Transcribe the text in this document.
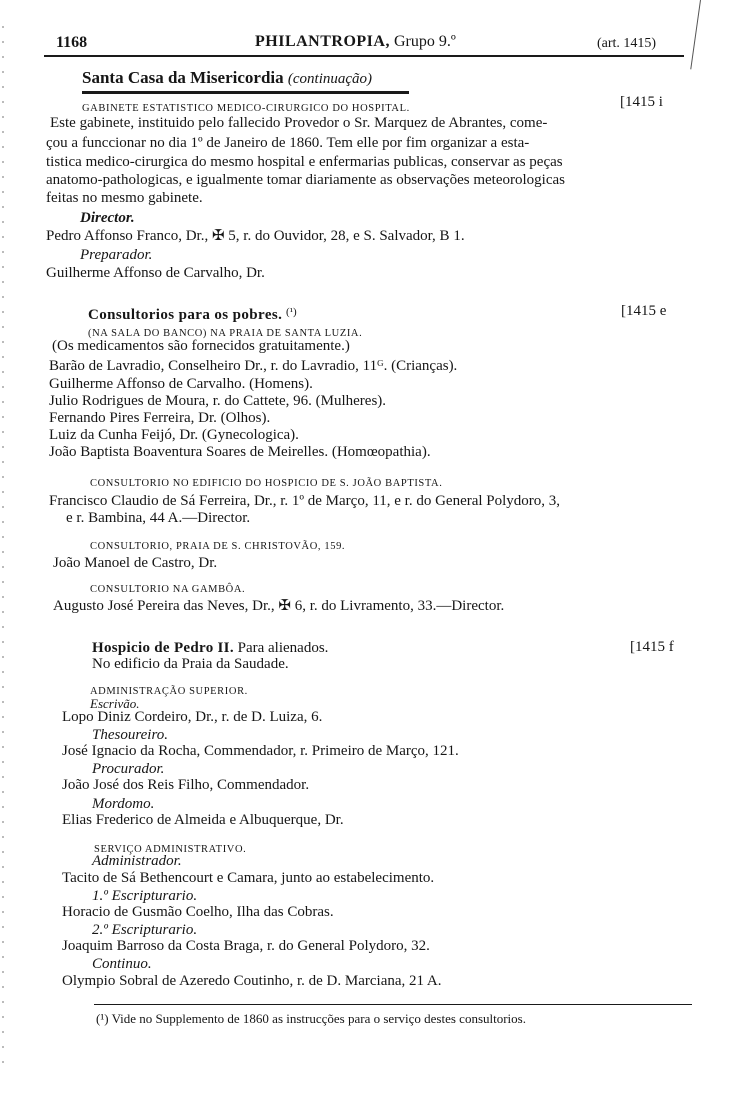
1168	PHILANTROPIA, Grupo 9.º	(art. 1415)
Santa Casa da Misericordia (continuação)
GABINETE ESTATISTICO MEDICO-CIRURGICO DO HOSPITAL.	[1415 i
Este gabinete, instituido pelo fallecido Provedor o Sr. Marquez de Abrantes, come-
çou a funccionar no dia 1º de Janeiro de 1860. Tem elle por fim organizar a esta-
tistica medico-cirurgica do mesmo hospital e enfermarias publicas, conservar as peças
anatomo-pathologicas, e igualmente tomar diariamente as observações meteorologicas
feitas no mesmo gabinete.
Director.
Pedro Affonso Franco, Dr., ✠ 5, r. do Ouvidor, 28, e S. Salvador, B 1.
Preparador.
Guilherme Affonso de Carvalho, Dr.
Consultorios para os pobres. $^{(^1)}$	[1415 e
(NA SALA DO BANCO) NA PRAIA DE SANTA LUZIA.
(Os medicamentos são fornecidos gratuitamente.)
Barão de Lavradio, Conselheiro Dr., r. do Lavradio, 11ᴳ. (Crianças).
Guilherme Affonso de Carvalho. (Homens).
Julio Rodrigues de Moura, r. do Cattete, 96. (Mulheres).
Fernando Pires Ferreira, Dr. (Olhos).
Luiz da Cunha Feijó, Dr. (Gynecologica).
João Baptista Boaventura Soares de Meirelles. (Homœopathia).
CONSULTORIO NO EDIFICIO DO HOSPICIO DE S. JOÃO BAPTISTA.
Francisco Claudio de Sá Ferreira, Dr., r. 1º de Março, 11, e r. do General Polydoro, 3,
e r. Bambina, 44 A.—Director.
CONSULTORIO, PRAIA DE S. CHRISTOVÃO, 159.
João Manoel de Castro, Dr.
CONSULTORIO NA GAMBÔA.
Augusto José Pereira das Neves, Dr., ✠ 6, r. do Livramento, 33.—Director.
Hospicio de Pedro II. Para alienados.	[1415 f
No edificio da Praia da Saudade.
ADMINISTRAÇÃO SUPERIOR.
Escrivão.
Lopo Diniz Cordeiro, Dr., r. de D. Luiza, 6.
Thesoureiro.
José Ignacio da Rocha, Commendador, r. Primeiro de Março, 121.
Procurador.
João José dos Reis Filho, Commendador.
Mordomo.
Elias Frederico de Almeida e Albuquerque, Dr.
SERVIÇO ADMINISTRATIVO.
Administrador.
Tacito de Sá Bethencourt e Camara, junto ao estabelecimento.
1.º Escripturario.
Horacio de Gusmão Coelho, Ilha das Cobras.
2.º Escripturario.
Joaquim Barroso da Costa Braga, r. do General Polydoro, 32.
Continuo.
Olympio Sobral de Azeredo Coutinho, r. de D. Marciana, 21 A.
(¹) Vide no Supplemento de 1860 as instrucções para o serviço destes consultorios.
